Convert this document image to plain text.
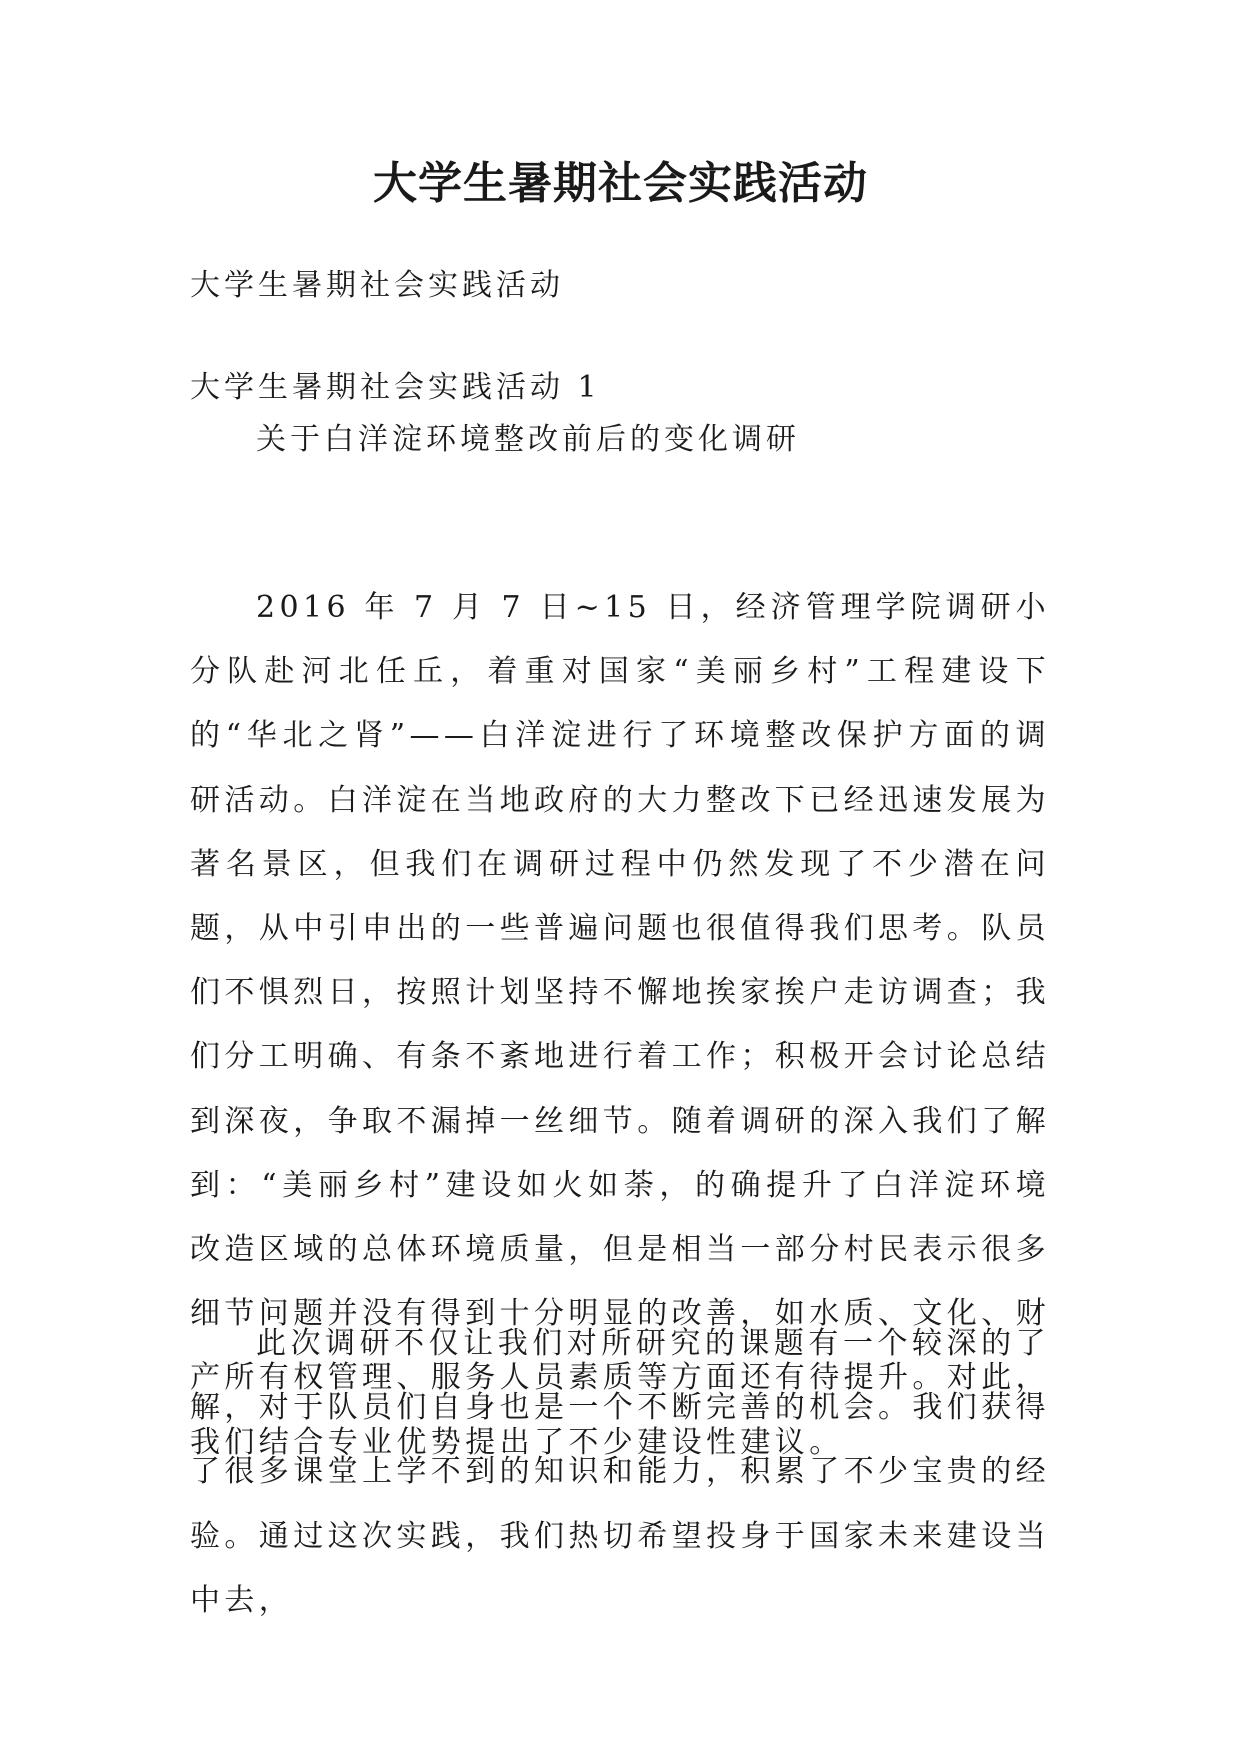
大学生暑期社会实践活动
大学生暑期社会实践活动
大学生暑期社会实践活动 1
关于白洋淀环境整改前后的变化调研

2016 年 7 月 7 日~15 日，经济管理学院调研小分队赴河北任丘，着重对国家“美丽乡村”工程建设下的“华北之肾”——白洋淀进行了环境整改保护方面的调研活动。白洋淀在当地政府的大力整改下已经迅速发展为著名景区，但我们在调研过程中仍然发现了不少潜在问题，从中引申出的一些普遍问题也很值得我们思考。队员们不惧烈日，按照计划坚持不懈地挨家挨户走访调查；我们分工明确、有条不紊地进行着工作；积极开会讨论总结到深夜，争取不漏掉一丝细节。随着调研的深入我们了解到：“美丽乡村”建设如火如荼，的确提升了白洋淀环境改造区域的总体环境质量，但是相当一部分村民表示很多细节问题并没有得到十分明显的改善，如水质、文化、财产所有权管理、服务人员素质等方面还有待提升。对此，我们结合专业优势提出了不少建设性建议。

此次调研不仅让我们对所研究的课题有一个较深的了解，对于队员们自身也是一个不断完善的机会。我们获得了很多课堂上学不到的知识和能力，积累了不少宝贵的经验。通过这次实践，我们热切希望投身于国家未来建设当中去，
